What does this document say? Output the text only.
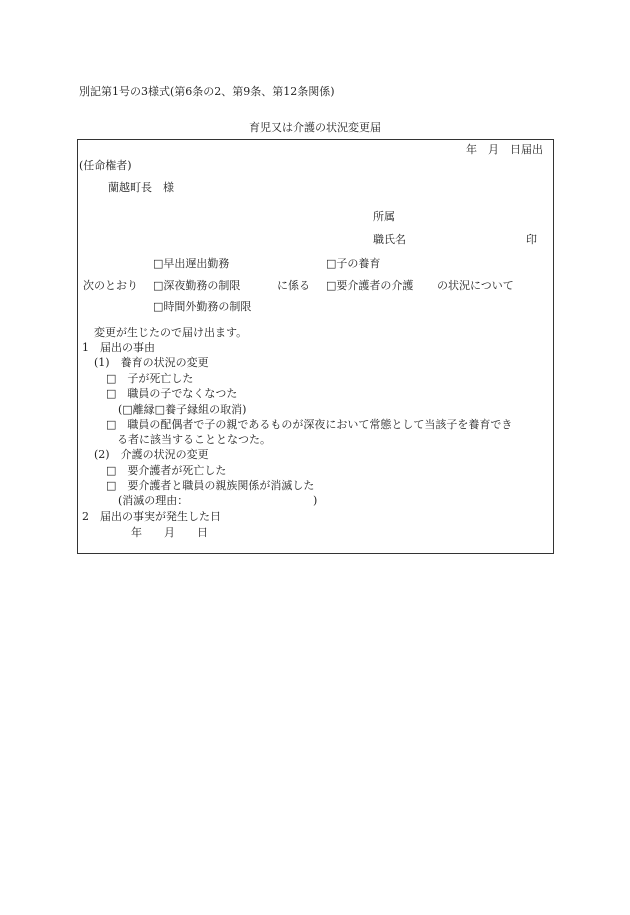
別記第1号の3様式(第6条の2、第9条、第12条関係)
育児又は介護の状況変更届
年　月　日届出
(任命権者)
蘭越町長　様
所属
職氏名	印
□早出遅出勤務	□子の養育
次のとおり □深夜勤務の制限	に係る □要介護者の介護 の状況について
□時間外勤務の制限
変更が生じたので届け出ます。
1　届出の事由
(1)　養育の状況の変更
□　子が死亡した
□　職員の子でなくなつた
(□離縁□養子縁組の取消)
□　職員の配偶者で子の親であるものが深夜において常態として当該子を養育でき
る者に該当することとなつた。
(2)　介護の状況の変更
□　要介護者が死亡した
□　要介護者と職員の親族関係が消滅した
(消滅の理由：	)
2　届出の事実が発生した日
年　　月　　日
